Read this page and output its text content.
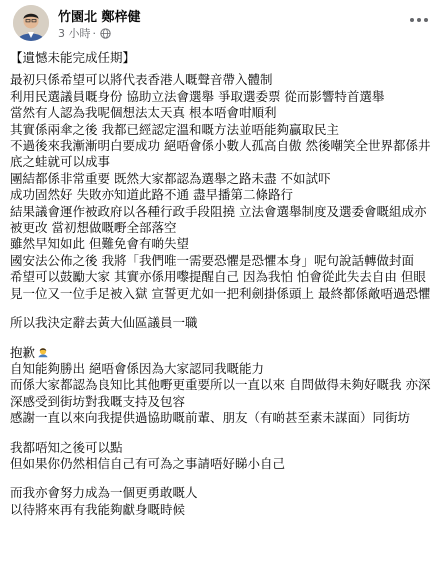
竹園北 鄭梓健
3 小時 ·

【遺憾未能完成任期】

最初只係希望可以將代表香港人嘅聲音帶入體制

利用民選議員嘅身份 協助立法會選舉 爭取選委票 從而影響特首選舉

當然有人認為我呢個想法太天真 根本唔會咁順利

其實係兩傘之後 我都已經認定溫和嘅方法並唔能夠贏取民主

不過後來我漸漸明白要成功 絕唔會係小數人孤高自傲 然後嘲笑全世界都係井底之蛙就可以成事

團結都係非常重要 既然大家都認為選舉之路未盡 不如試吓

成功固然好 失敗亦知道此路不通 盡早播第二條路行

結果議會運作被政府以各種行政手段阻撓 立法會選舉制度及選委會嘅組成亦被更改 當初想做嘅嘢全部落空

雖然早知如此 但難免會有啲失望

國安法公佈之後 我將「我們唯一需要恐懼是恐懼本身」呢句說話轉做封面

希望可以鼓勵大家 其實亦係用嚟提醒自己 因為我怕 怕會從此失去自由 但眼見一位又一位手足被入獄 宣誓更尤如一把利劍掛係頭上 最終都係敵唔過恐懼

所以我決定辭去黃大仙區議員一職

抱歉

自知能夠勝出 絕唔會係因為大家認同我嘅能力

而係大家都認為良知比其他嘢更重要所以一直以來 自問做得未夠好嘅我 亦深深感受到街坊對我嘅支持及包容

感謝一直以來向我提供過協助嘅前輩、朋友（有啲甚至素未謀面）同街坊

我都唔知之後可以點

但如果你仍然相信自己有可為之事請唔好睇小自己

而我亦會努力成為一個更勇敢嘅人

以待將來再有我能夠獻身嘅時候
